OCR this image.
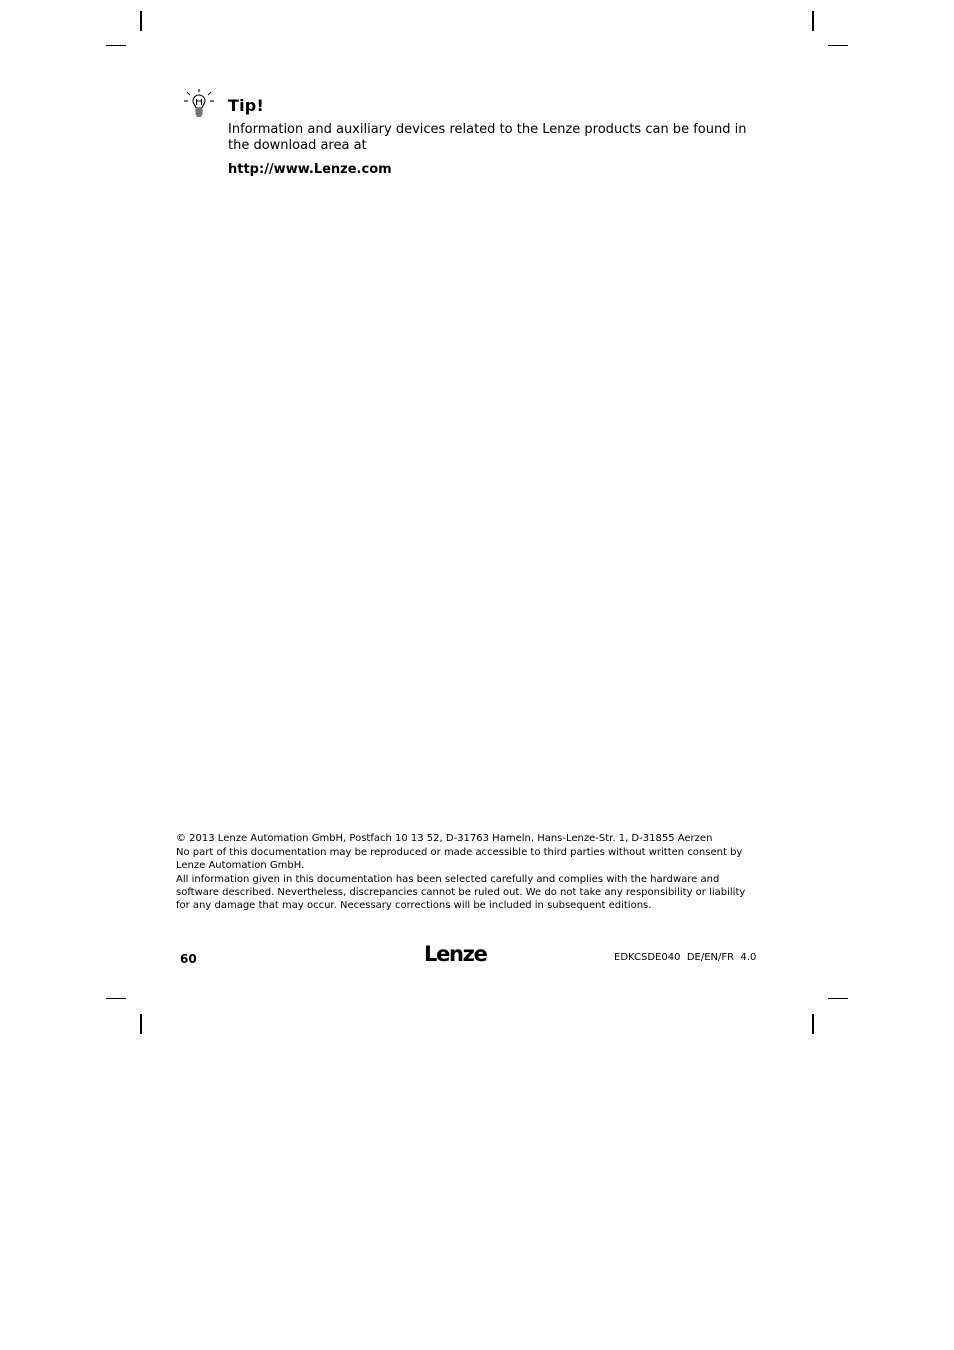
Tip!
Information and auxiliary devices related to the Lenze products can be found in the download area at
http://www.Lenze.com

© 2013 Lenze Automation GmbH, Postfach 10 13 52, D-31763 Hameln, Hans-Lenze-Str. 1, D-31855 Aerzen

No part of this documentation may be reproduced or made accessible to third parties without written consent by Lenze Automation GmbH.

All information given in this documentation has been selected carefully and complies with the hardware and software described. Nevertheless, discrepancies cannot be ruled out. We do not take any responsibility or liability for any damage that may occur. Necessary corrections will be included in subsequent editions.

60	Lenze	EDKCSDE040  DE/EN/FR  4.0
